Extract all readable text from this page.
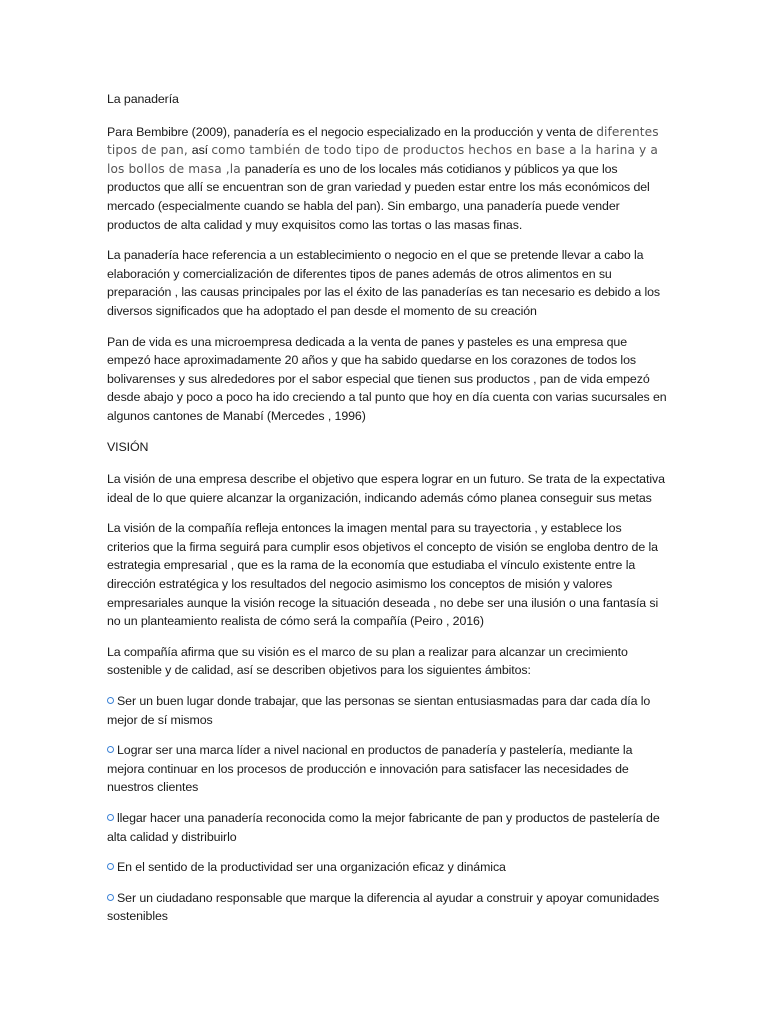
La panadería

Para Bembibre (2009), panadería es el negocio especializado en la producción y venta de diferentes tipos de pan, así como también de todo tipo de productos hechos en base a la harina y a los bollos de masa ,la panadería es uno de los locales más cotidianos y públicos ya que los productos que allí se encuentran son de gran variedad y pueden estar entre los más económicos del mercado (especialmente cuando se habla del pan). Sin embargo, una panadería puede vender productos de alta calidad y muy exquisitos como las tortas o las masas finas.

La panadería hace referencia a un establecimiento o negocio en el que se pretende llevar a cabo la elaboración y comercialización de diferentes tipos de panes además de otros alimentos en su preparación , las causas principales por las el éxito de las panaderías es tan necesario es debido a los diversos significados que ha adoptado el pan desde el momento de su creación

Pan de vida es una microempresa dedicada a la venta de panes y pasteles es una empresa que empezó hace aproximadamente 20 años y que ha sabido quedarse en los corazones de todos los bolivarenses y sus alrededores por el sabor especial que tienen sus productos , pan de vida empezó desde abajo y poco a poco ha ido creciendo a tal punto que hoy en día cuenta con varias sucursales en algunos cantones de Manabí (Mercedes , 1996)

VISIÓN

La visión de una empresa describe el objetivo que espera lograr en un futuro. Se trata de la expectativa ideal de lo que quiere alcanzar la organización, indicando además cómo planea conseguir sus metas

La visión de la compañía refleja entonces la imagen mental para su trayectoria , y establece los criterios que la firma seguirá para cumplir esos objetivos el concepto de visión se engloba dentro de la estrategia empresarial , que es la rama de la economía que estudiaba el vínculo existente entre la dirección estratégica y los resultados del negocio asimismo los conceptos de misión y valores empresariales aunque la visión recoge la situación deseada , no debe ser una ilusión o una fantasía si no un planteamiento realista de cómo será la compañía (Peiro , 2016)

La compañía afirma que su visión es el marco de su plan a realizar para alcanzar un crecimiento sostenible y de calidad, así se describen objetivos para los siguientes ámbitos:

Ser un buen lugar donde trabajar, que las personas se sientan entusiasmadas para dar cada día lo mejor de sí mismos

Lograr ser una marca líder a nivel nacional en productos de panadería y pastelería, mediante la mejora continuar en los procesos de producción e innovación para satisfacer las necesidades de nuestros clientes

llegar hacer una panadería reconocida como la mejor fabricante de pan y productos de pastelería de alta calidad y distribuirlo

En el sentido de la productividad ser una organización eficaz y dinámica

Ser un ciudadano responsable que marque la diferencia al ayudar a construir y apoyar comunidades sostenibles
